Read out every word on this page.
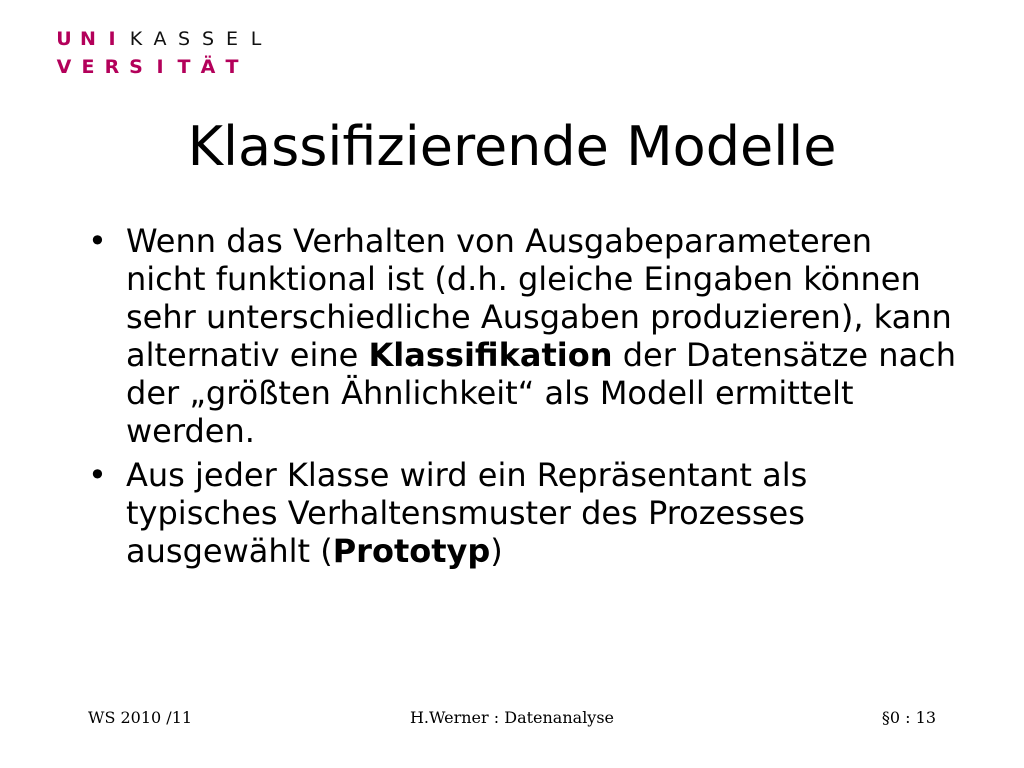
U N I K A S S E L
V E R S I T Ä T
Klassifizierende Modelle
• Wenn das Verhalten von Ausgabeparameteren nicht funktional ist (d.h. gleiche Eingaben können sehr unterschiedliche Ausgaben produzieren), kann alternativ eine Klassifikation der Datensätze nach der „größten Ähnlichkeit“ als Modell ermittelt werden.
• Aus jeder Klasse wird ein Repräsentant als typisches Verhaltensmuster des Prozesses ausgewählt (Prototyp)
WS 2010 /11	H.Werner : Datenanalyse	§0 : 13
